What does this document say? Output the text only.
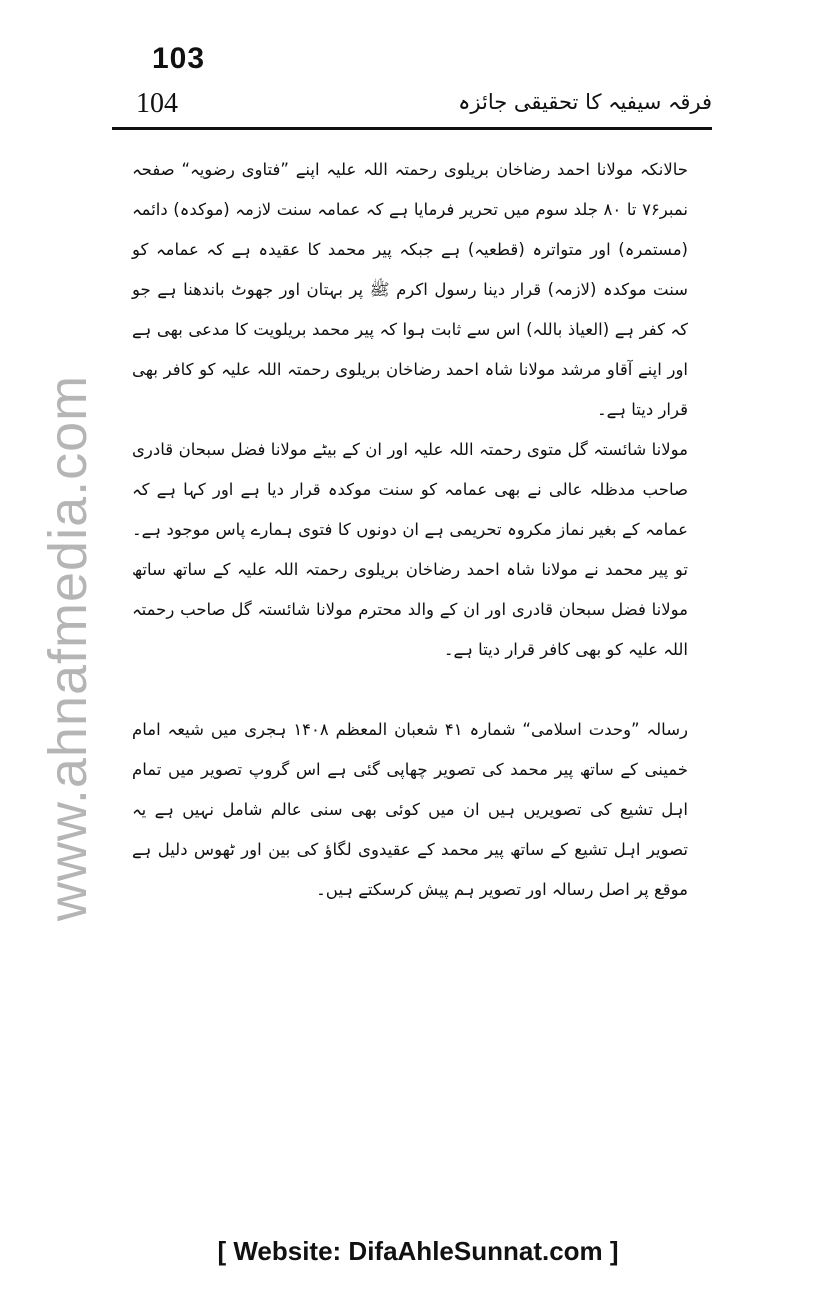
103
104	فرقہ سیفیہ کا تحقیقی جائزہ
www.ahnafmedia.com

حالانکہ مولانا احمد رضاخان بریلوی رحمتہ اللہ علیہ اپنے ”فتاوی رضویہ“ صفحہ نمبر۷۶ تا ۸۰ جلد سوم میں تحریر فرمایا ہے کہ عمامہ سنت لازمہ (موکدہ) دائمہ (مستمرہ) اور متواترہ (قطعیہ) ہے جبکہ پیر محمد کا عقیدہ ہے کہ عمامہ کو سنت موکدہ (لازمہ) قرار دینا رسول اکرم ﷺ پر بہتان اور جھوٹ باندھنا ہے جو کہ کفر ہے (العیاذ باللہ) اس سے ثابت ہوا کہ پیر محمد بریلویت کا مدعی بھی ہے اور اپنے آقاو مرشد مولانا شاہ احمد رضاخان بریلوی رحمتہ اللہ علیہ کو کافر بھی قرار دیتا ہے۔

مولانا شائستہ گل متوی رحمتہ اللہ علیہ اور ان کے بیٹے مولانا فضل سبحان قادری صاحب مدظلہ عالی نے بھی عمامہ کو سنت موکدہ قرار دیا ہے اور کہا ہے کہ عمامہ کے بغیر نماز مکروہ تحریمی ہے ان دونوں کا فتوی ہمارے پاس موجود ہے۔ تو پیر محمد نے مولانا شاہ احمد رضاخان بریلوی رحمتہ اللہ علیہ کے ساتھ ساتھ مولانا فضل سبحان قادری اور ان کے والد محترم مولانا شائستہ گل صاحب رحمتہ اللہ علیہ کو بھی کافر قرار دیتا ہے۔

رسالہ ”وحدت اسلامی“ شمارہ ۴۱ شعبان المعظم ۱۴۰۸ ہجری میں شیعہ امام خمینی کے ساتھ پیر محمد کی تصویر چھاپی گئی ہے اس گروپ تصویر میں تمام اہل تشیع کی تصویریں ہیں ان میں کوئی بھی سنی عالم شامل نہیں ہے یہ تصویر اہل تشیع کے ساتھ پیر محمد کے عقیدوی لگاؤ کی بین اور ٹھوس دلیل ہے موقع پر اصل رسالہ اور تصویر ہم پیش کرسکتے ہیں۔

[ Website: DifaAhleSunnat.com ]
